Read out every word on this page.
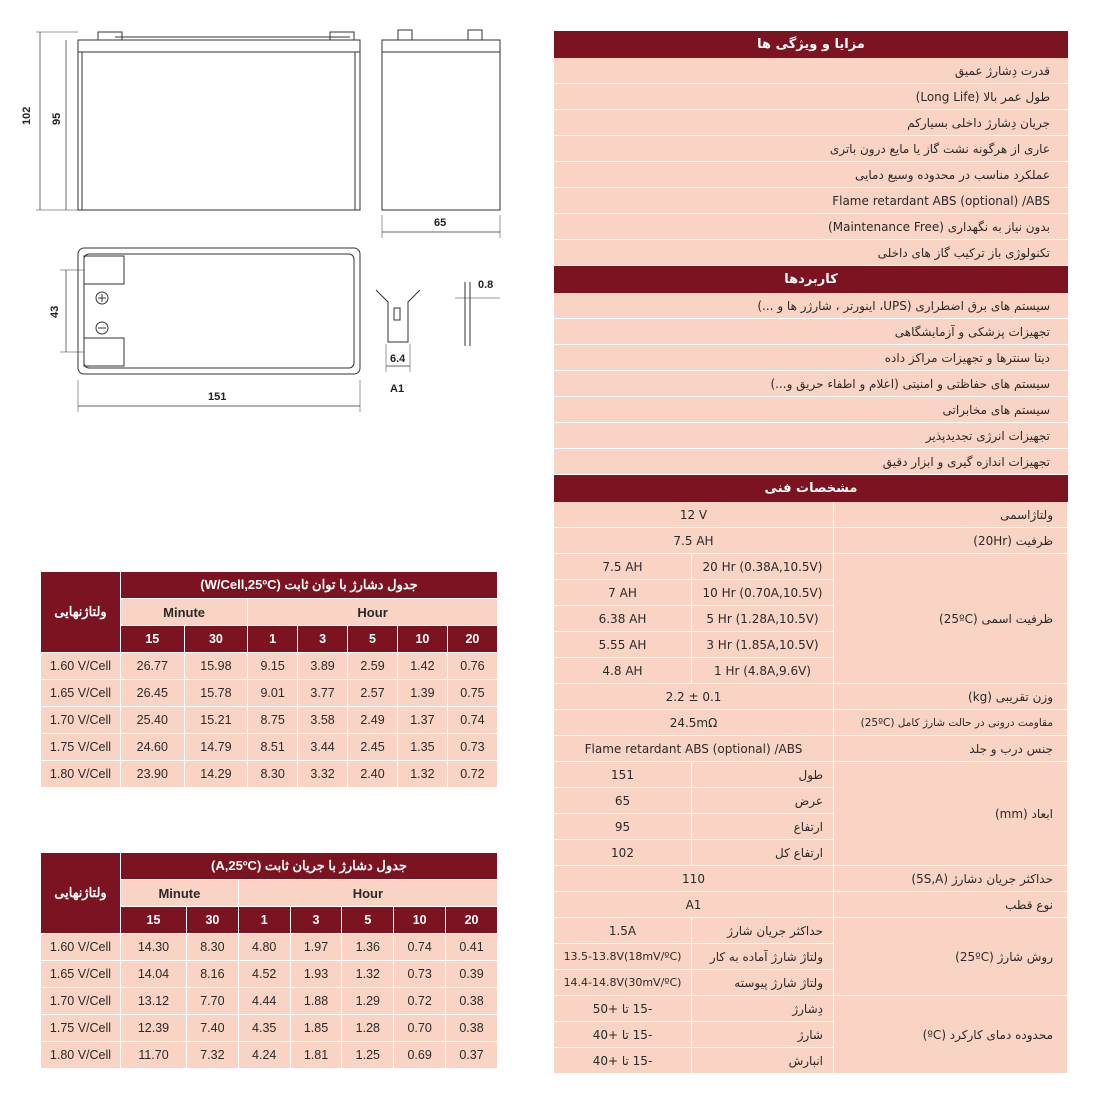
102 95
65
43
151
6.4
0.8
A1
مزایا و ویژگی ها
قدرت دِشارژ عمیق
طول عمر بالا (Long Life)
جریان دِشارژ داخلی بسیارکم
عاری از هرگونه نشت گاز یا مایع درون باتری
عملکرد مناسب در محدوده وسیع دمایی
Flame retardant ABS (optional) /ABS
بدون نیاز به نگهداری (Maintenance Free)
تکنولوژی باز ترکیب گاز های داخلی
کاربردها
سیستم های برق اضطراری (UPS، اینورتر ، شارژر ها و ...)
تجهیزات پزشکی و آزمایشگاهی
دیتا سنترها و تجهیزات مراکز داده
سیستم های حفاظتی و امنیتی (اعلام و اطفاء حریق و...)
سیستم های مخابراتی
تجهیزات انرژی تجدیدپذیر
تجهیزات اندازه گیری و ابزار دقیق
مشخصات فنی
12 V	ولتاژاسمی
7.5 AH	ظرفیت (20Hr)
7.5 AH	20 Hr (0.38A,10.5V)
ظرفیت اسمی (25ºC)
7 AH	10 Hr (0.70A,10.5V)
6.38 AH	5 Hr (1.28A,10.5V)
5.55 AH	3 Hr (1.85A,10.5V)
4.8 AH	1 Hr (4.8A,9.6V)
2.2 ± 0.1	وزن تقریبی (kg)
24.5mΩ	مقاومت درونی در حالت شارژ کامل (25ºC)
Flame retardant ABS (optional) /ABS	جنس درب و جلد
151	طول
ابعاد (mm)
65	عرض
95	ارتفاع
102	ارتفاع کل
110	حداکثر جریان دشارژ (5S,A)
A1	نوع قطب
1.5A	حداکثر جریان شارژ
روش شارژ (25ºC)
13.5-13.8V(18mV/ºC)	ولتاژ شارژ آماده به کار
14.4-14.8V(30mV/ºC)	ولتاژ شارژ پیوسته
-15 تا +50	دِشارژ
محدوده دمای کارکرد (ºC)
-15 تا +40	شارژ
-15 تا +40	انبارش
ولتاژنهایی	جدول دشارژ با توان ثابت (W/Cell,25ºC)						
	Minute		Hour				
	15	30	1	3	5	10	20
1.60 V/Cell	26.77	15.98	9.15	3.89	2.59	1.42	0.76
1.65 V/Cell	26.45	15.78	9.01	3.77	2.57	1.39	0.75
1.70 V/Cell	25.40	15.21	8.75	3.58	2.49	1.37	0.74
1.75 V/Cell	24.60	14.79	8.51	3.44	2.45	1.35	0.73
1.80 V/Cell	23.90	14.29	8.30	3.32	2.40	1.32	0.72
ولتاژنهایی	جدول دشارژ با جریان ثابت (A,25ºC)						
	Minute		Hour				
	15	30	1	3	5	10	20
1.60 V/Cell	14.30	8.30	4.80	1.97	1.36	0.74	0.41
1.65 V/Cell	14.04	8.16	4.52	1.93	1.32	0.73	0.39
1.70 V/Cell	13.12	7.70	4.44	1.88	1.29	0.72	0.38
1.75 V/Cell	12.39	7.40	4.35	1.85	1.28	0.70	0.38
1.80 V/Cell	11.70	7.32	4.24	1.81	1.25	0.69	0.37
